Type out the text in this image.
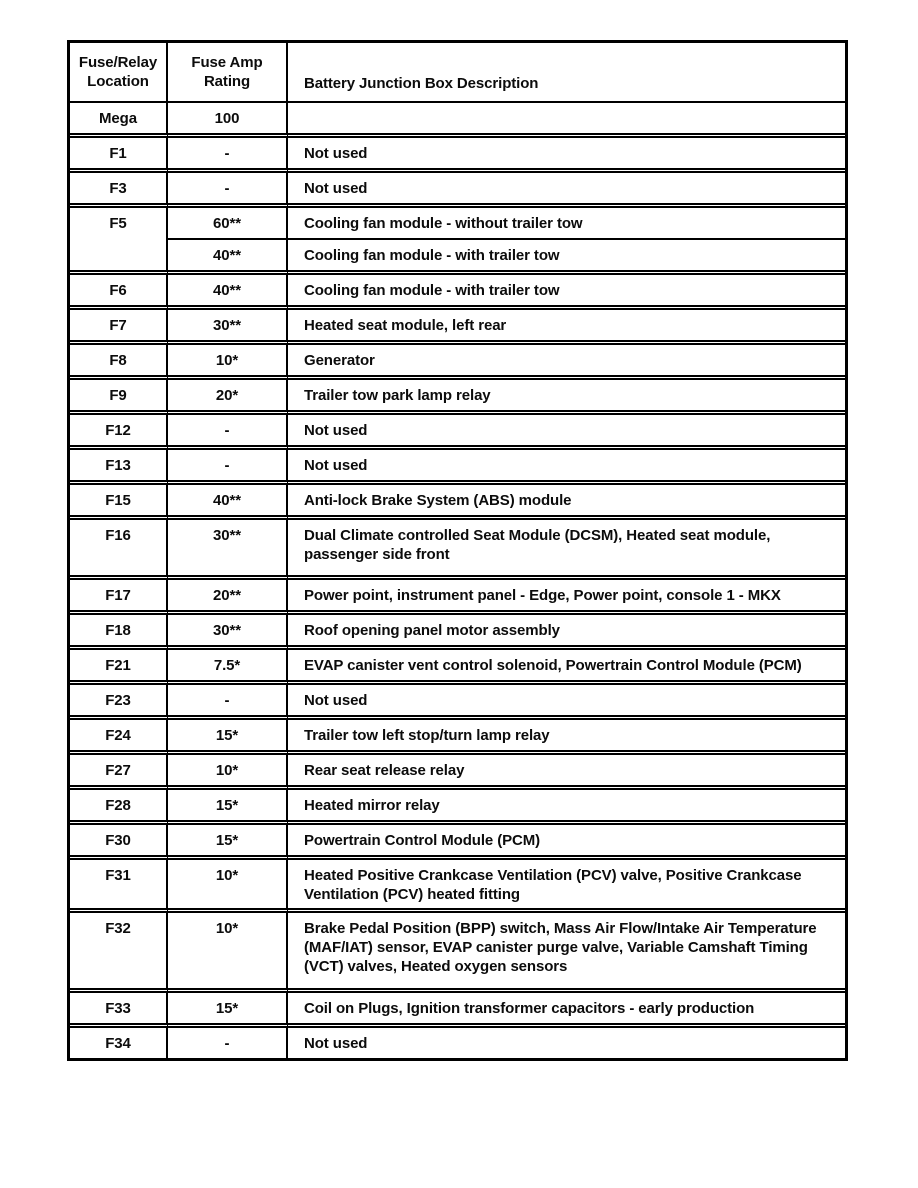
Fuse/Relay Location	Fuse Amp Rating	Battery Junction Box Description
Mega	100	
F1	-	Not used
F3	-	Not used
F5	60**	Cooling fan module - without trailer tow
	40**	Cooling fan module - with trailer tow
F6	40**	Cooling fan module - with trailer tow
F7	30**	Heated seat module, left rear
F8	10*	Generator
F9	20*	Trailer tow park lamp relay
F12	-	Not used
F13	-	Not used
F15	40**	Anti-lock Brake System (ABS) module
F16	30**	Dual Climate controlled Seat Module (DCSM), Heated seat module, passenger side front
F17	20**	Power point, instrument panel - Edge, Power point, console 1 - MKX
F18	30**	Roof opening panel motor assembly
F21	7.5*	EVAP canister vent control solenoid, Powertrain Control Module (PCM)
F23	-	Not used
F24	15*	Trailer tow left stop/turn lamp relay
F27	10*	Rear seat release relay
F28	15*	Heated mirror relay
F30	15*	Powertrain Control Module (PCM)
F31	10*	Heated Positive Crankcase Ventilation (PCV) valve, Positive Crankcase Ventilation (PCV) heated fitting
F32	10*	Brake Pedal Position (BPP) switch, Mass Air Flow/Intake Air Temperature (MAF/IAT) sensor, EVAP canister purge valve, Variable Camshaft Timing (VCT) valves, Heated oxygen sensors
F33	15*	Coil on Plugs, Ignition transformer capacitors - early production
F34	-	Not used
